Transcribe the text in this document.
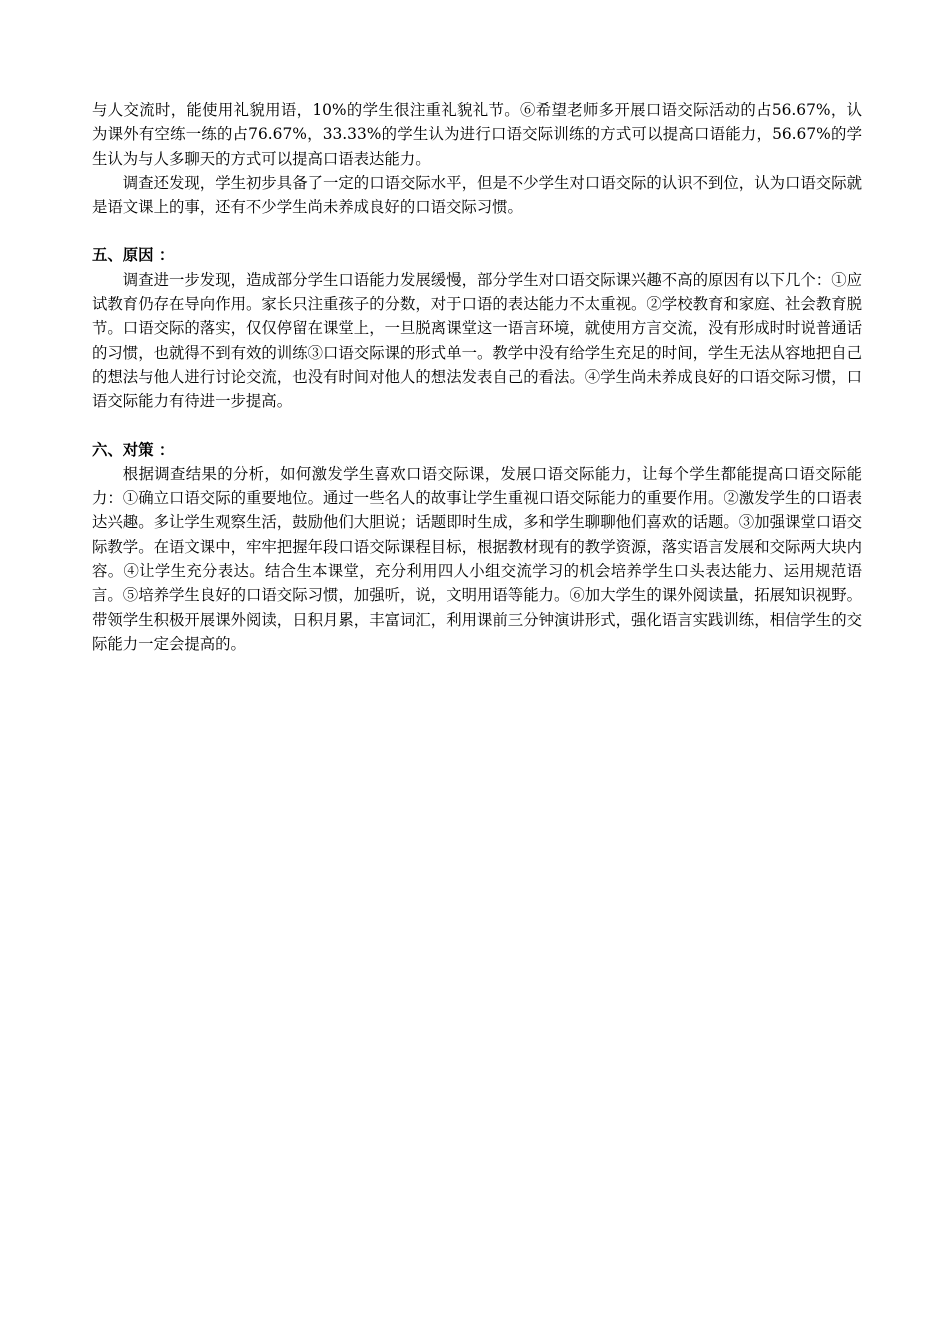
与人交流时，能使用礼貌用语，10%的学生很注重礼貌礼节。⑥希望老师多开展口语交际活动的占56.67%，认为课外有空练一练的占76.67%，33.33%的学生认为进行口语交际训练的方式可以提高口语能力，56.67%的学生认为与人多聊天的方式可以提高口语表达能力。

调查还发现，学生初步具备了一定的口语交际水平，但是不少学生对口语交际的认识不到位，认为口语交际就是语文课上的事，还有不少学生尚未养成良好的口语交际习惯。

五、原因 ：

调查进一步发现，造成部分学生口语能力发展缓慢，部分学生对口语交际课兴趣不高的原因有以下几个：①应试教育仍存在导向作用。家长只注重孩子的分数，对于口语的表达能力不太重视。②学校教育和家庭、社会教育脱节。口语交际的落实，仅仅停留在课堂上，一旦脱离课堂这一语言环境，就使用方言交流，没有形成时时说普通话的习惯，也就得不到有效的训练③口语交际课的形式单一。教学中没有给学生充足的时间，学生无法从容地把自己的想法与他人进行讨论交流，也没有时间对他人的想法发表自己的看法。④学生尚未养成良好的口语交际习惯，口语交际能力有待进一步提高。

六、对策 ：

根据调查结果的分析，如何激发学生喜欢口语交际课，发展口语交际能力，让每个学生都能提高口语交际能力：①确立口语交际的重要地位。通过一些名人的故事让学生重视口语交际能力的重要作用。②激发学生的口语表达兴趣。多让学生观察生活，鼓励他们大胆说；话题即时生成，多和学生聊聊他们喜欢的话题。③加强课堂口语交际教学。在语文课中，牢牢把握年段口语交际课程目标，根据教材现有的教学资源，落实语言发展和交际两大块内容。④让学生充分表达。结合生本课堂，充分利用四人小组交流学习的机会培养学生口头表达能力、运用规范语言。⑤培养学生良好的口语交际习惯，加强听，说，文明用语等能力。⑥加大学生的课外阅读量，拓展知识视野。带领学生积极开展课外阅读，日积月累，丰富词汇，利用课前三分钟演讲形式，强化语言实践训练，相信学生的交际能力一定会提高的。
